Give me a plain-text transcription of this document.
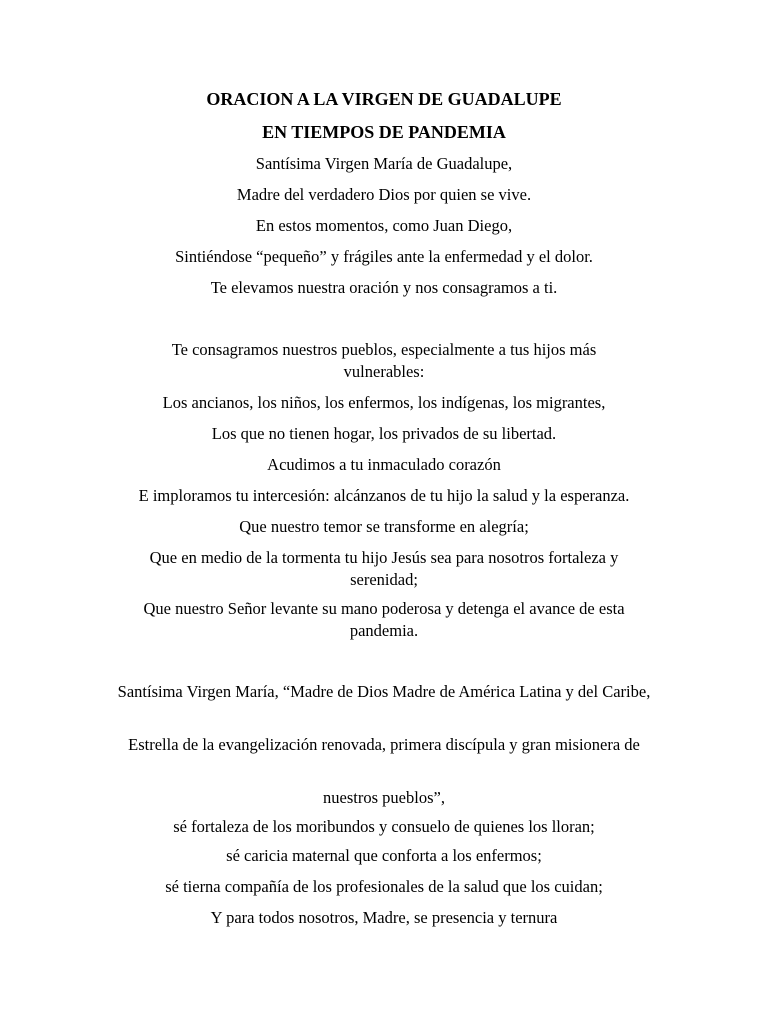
ORACION A LA VIRGEN DE GUADALUPE
EN TIEMPOS DE PANDEMIA
Santísima Virgen María de Guadalupe,
Madre del verdadero Dios por quien se vive.
En estos momentos, como Juan Diego,
Sintiéndose “pequeño” y frágiles ante la enfermedad y el dolor.
Te elevamos nuestra oración y nos consagramos a ti.
Te consagramos nuestros pueblos, especialmente a tus hijos más vulnerables:
Los ancianos, los niños, los enfermos, los indígenas, los migrantes,
Los que no tienen hogar, los privados de su libertad.
Acudimos a tu inmaculado corazón
E imploramos tu intercesión: alcánzanos de tu hijo la salud y la esperanza.
Que nuestro temor se transforme en alegría;
Que en medio de la tormenta tu hijo Jesús sea para nosotros fortaleza y serenidad;
Que nuestro Señor levante su mano poderosa y detenga el avance de esta pandemia.
Santísima Virgen María, “Madre de Dios Madre de América Latina y del Caribe,
Estrella de la evangelización renovada, primera discípula y gran misionera de
nuestros pueblos”,
sé fortaleza de los moribundos y consuelo de quienes los lloran;
sé caricia maternal que conforta a los enfermos;
sé tierna compañía de los profesionales de la salud que los cuidan;
Y para todos nosotros, Madre, se presencia y ternura
